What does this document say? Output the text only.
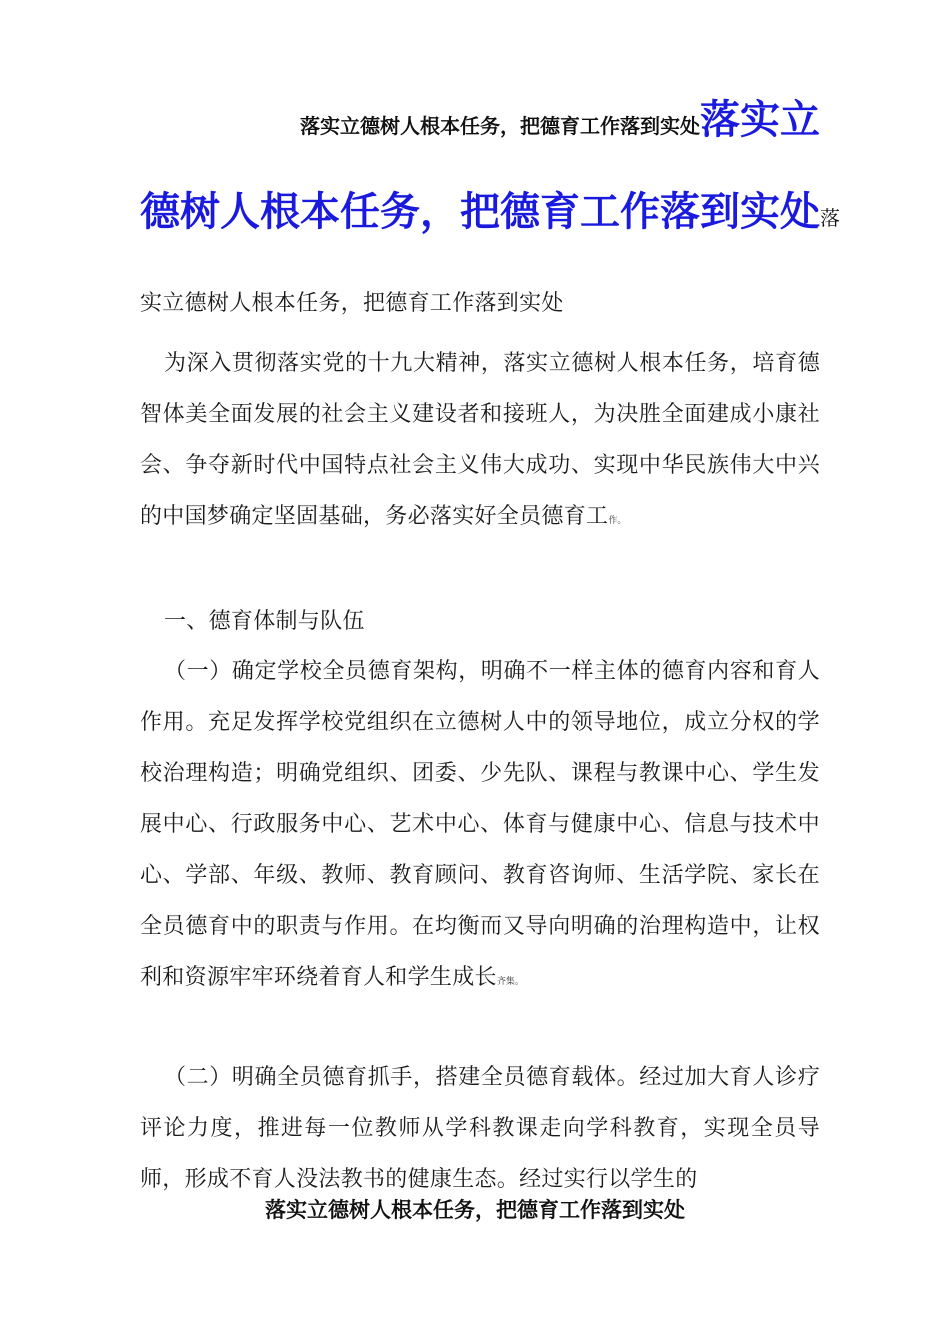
落实立德树人根本任务，把德育工作落到实处落实立
德树人根本任务，把德育工作落到实处落

实立德树人根本任务，把德育工作落到实处

为深入贯彻落实党的十九大精神，落实立德树人根本任务，培育德智体美全面发展的社会主义建设者和接班人，为决胜全面建成小康社会、争夺新时代中国特点社会主义伟大成功、实现中华民族伟大中兴的中国梦确定坚固基础，务必落实好全员德育工作。

一、德育体制与队伍

（一）确定学校全员德育架构，明确不一样主体的德育内容和育人作用。充足发挥学校党组织在立德树人中的领导地位，成立分权的学校治理构造；明确党组织、团委、少先队、课程与教课中心、学生发展中心、行政服务中心、艺术中心、体育与健康中心、信息与技术中心、学部、年级、教师、教育顾问、教育咨询师、生活学院、家长在全员德育中的职责与作用。在均衡而又导向明确的治理构造中，让权利和资源牢牢环绕着育人和学生成长齐集。

（二）明确全员德育抓手，搭建全员德育载体。经过加大育人诊疗评论力度，推进每一位教师从学科教课走向学科教育，实现全员导师，形成不育人没法教书的健康生态。经过实行以学生的

落实立德树人根本任务，把德育工作落到实处
